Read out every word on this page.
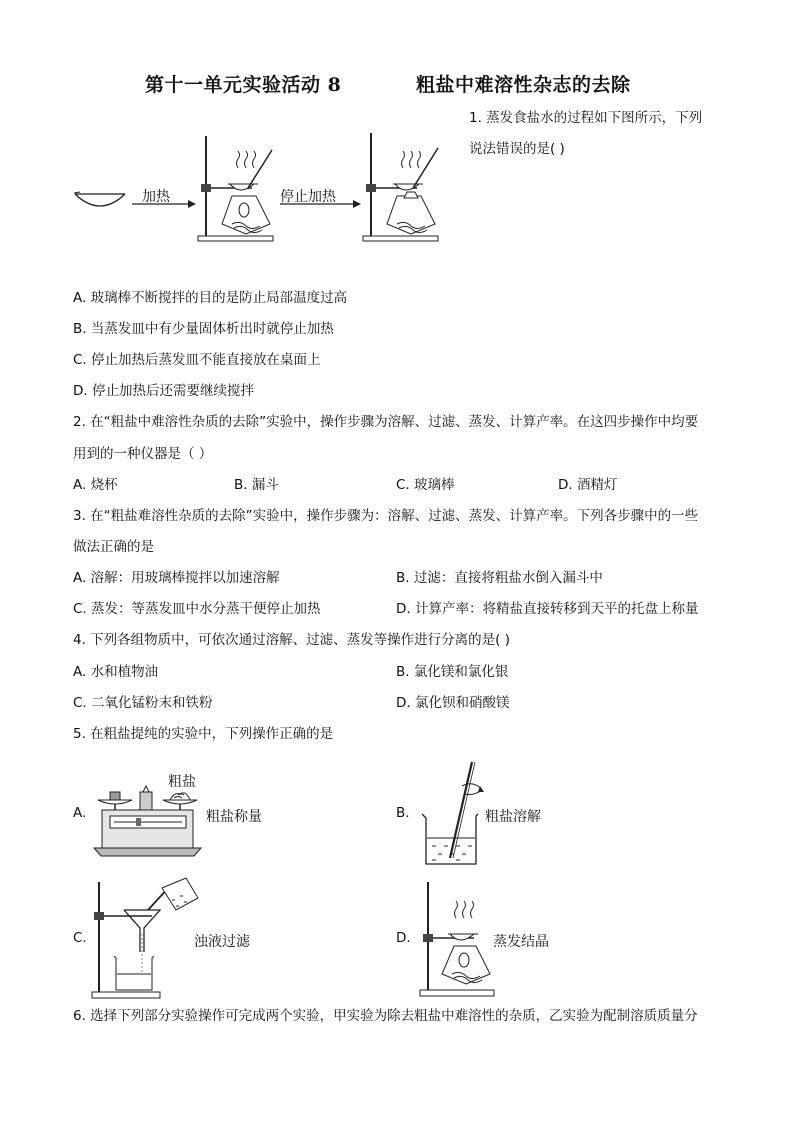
第十一单元实验活动 8	粗盐中难溶性杂志的去除
1. 蒸发食盐水的过程如下图所示，下列
说法错误的是( )
加热	停止加热
A. 玻璃棒不断搅拌的目的是防止局部温度过高
B. 当蒸发皿中有少量固体析出时就停止加热
C. 停止加热后蒸发皿不能直接放在桌面上
D. 停止加热后还需要继续搅拌
2. 在“粗盐中难溶性杂质的去除”实验中，操作步骤为溶解、过滤、蒸发、计算产率。在这四步操作中均要
用到的一种仪器是（ ）
A. 烧杯	B. 漏斗	C. 玻璃棒	D. 酒精灯
3. 在“粗盐难溶性杂质的去除”实验中，操作步骤为：溶解、过滤、蒸发、计算产率。下列各步骤中的一些
做法正确的是
A. 溶解：用玻璃棒搅拌以加速溶解	B. 过滤：直接将粗盐水倒入漏斗中
C. 蒸发：等蒸发皿中水分蒸干便停止加热	D. 计算产率：将精盐直接转移到天平的托盘上称量
4. 下列各组物质中，可依次通过溶解、过滤、蒸发等操作进行分离的是( )
A. 水和植物油	B. 氯化镁和氯化银
C. 二氧化锰粉末和铁粉	D. 氯化钡和硝酸镁
5. 在粗盐提纯的实验中，下列操作正确的是
A.
粗盐
粗盐称量	B.	粗盐溶解
C.	浊液过滤	D.	蒸发结晶
6. 选择下列部分实验操作可完成两个实验，甲实验为除去粗盐中难溶性的杂质，乙实验为配制溶质质量分
